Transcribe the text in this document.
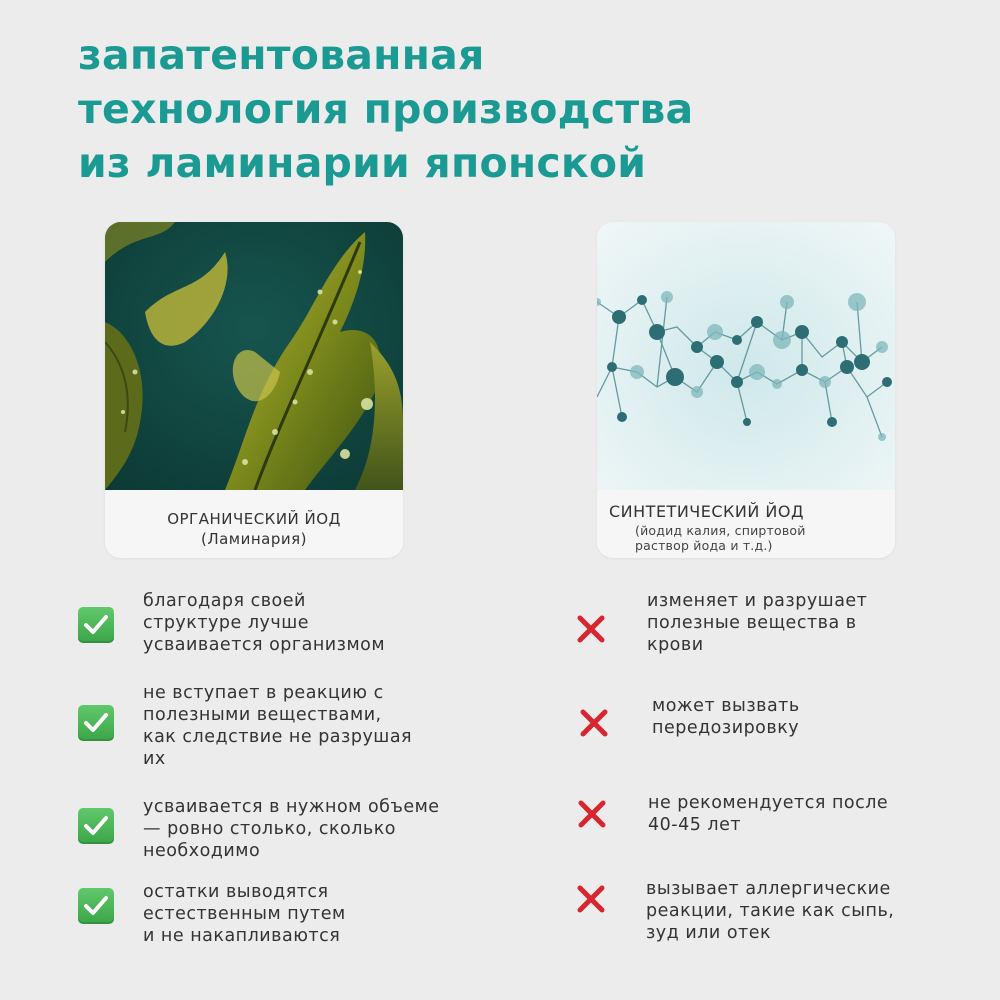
запатентованная
технология производства
из ламинарии японской
ОРГАНИЧЕСКИЙ ЙОД
(Ламинария)
СИНТЕТИЧЕСКИЙ ЙОД
(йодид калия, спиртовой
раствор йода и т.д.)
благодаря своей
структуре лучше
усваивается организмом
не вступает в реакцию с
полезными веществами,
как следствие не разрушая
их
усваивается в нужном объеме
— ровно столько, сколько
необходимо
остатки выводятся
естественным путем
и не накапливаются
изменяет и разрушает
полезные вещества в
крови
может вызвать
передозировку
не рекомендуется после
40-45 лет
вызывает аллергические
реакции, такие как сыпь,
зуд или отек
